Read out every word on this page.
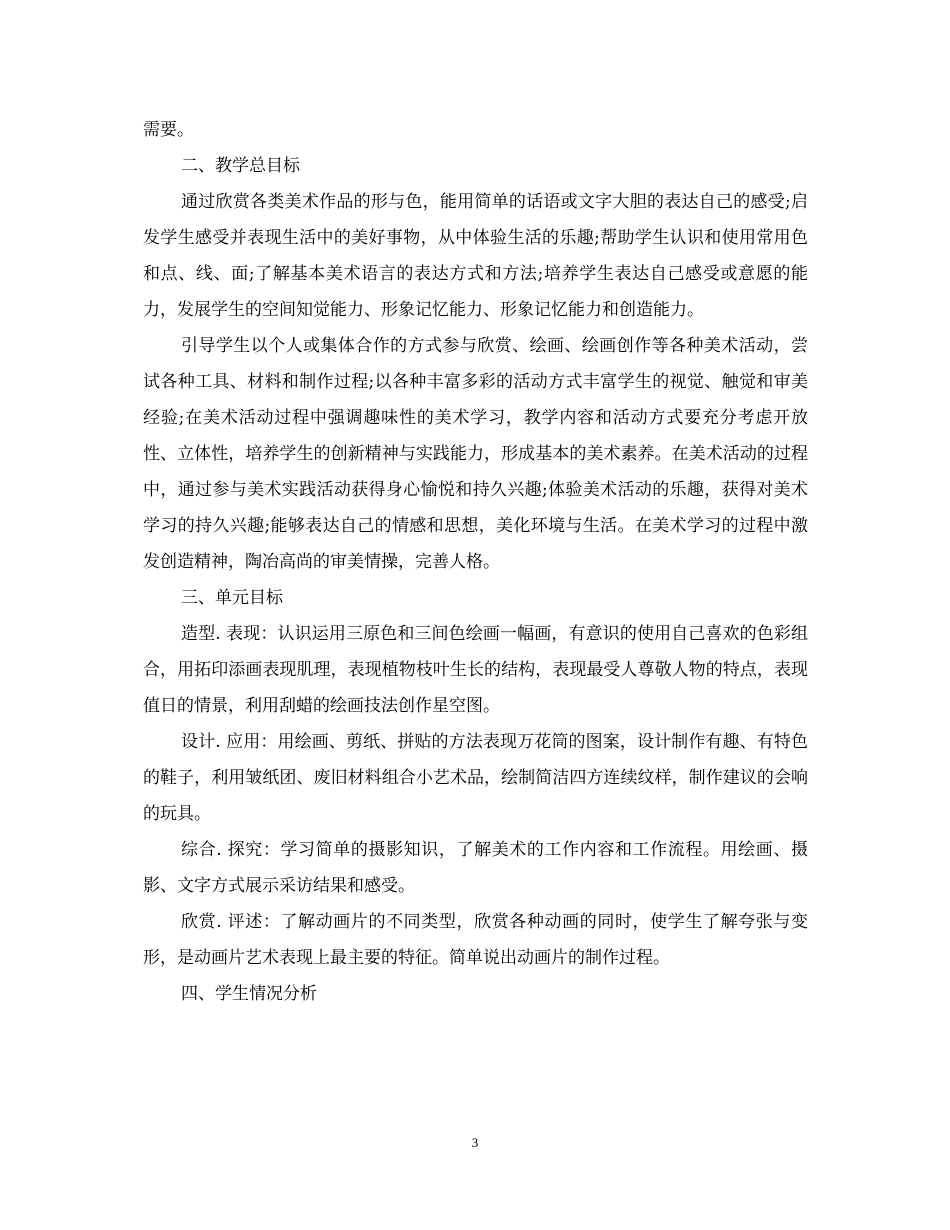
需要。

二、教学总目标

通过欣赏各类美术作品的形与色，能用简单的话语或文字大胆的表达自己的感受;启发学生感受并表现生活中的美好事物，从中体验生活的乐趣;帮助学生认识和使用常用色和点、线、面;了解基本美术语言的表达方式和方法;培养学生表达自己感受或意愿的能力，发展学生的空间知觉能力、形象记忆能力、形象记忆能力和创造能力。

引导学生以个人或集体合作的方式参与欣赏、绘画、绘画创作等各种美术活动，尝试各种工具、材料和制作过程;以各种丰富多彩的活动方式丰富学生的视觉、触觉和审美经验;在美术活动过程中强调趣味性的美术学习，教学内容和活动方式要充分考虑开放性、立体性，培养学生的创新精神与实践能力，形成基本的美术素养。在美术活动的过程中，通过参与美术实践活动获得身心愉悦和持久兴趣;体验美术活动的乐趣，获得对美术学习的持久兴趣;能够表达自己的情感和思想，美化环境与生活。在美术学习的过程中激发创造精神，陶冶高尚的审美情操，完善人格。

三、单元目标

造型. 表现：认识运用三原色和三间色绘画一幅画，有意识的使用自己喜欢的色彩组合，用拓印添画表现肌理，表现植物枝叶生长的结构，表现最受人尊敬人物的特点，表现值日的情景，利用刮蜡的绘画技法创作星空图。

设计. 应用：用绘画、剪纸、拼贴的方法表现万花筒的图案，设计制作有趣、有特色的鞋子，利用皱纸团、废旧材料组合小艺术品，绘制简洁四方连续纹样，制作建议的会响的玩具。

综合. 探究：学习简单的摄影知识，了解美术的工作内容和工作流程。用绘画、摄影、文字方式展示采访结果和感受。

欣赏. 评述：了解动画片的不同类型，欣赏各种动画的同时，使学生了解夸张与变形，是动画片艺术表现上最主要的特征。简单说出动画片的制作过程。

四、学生情况分析

3
